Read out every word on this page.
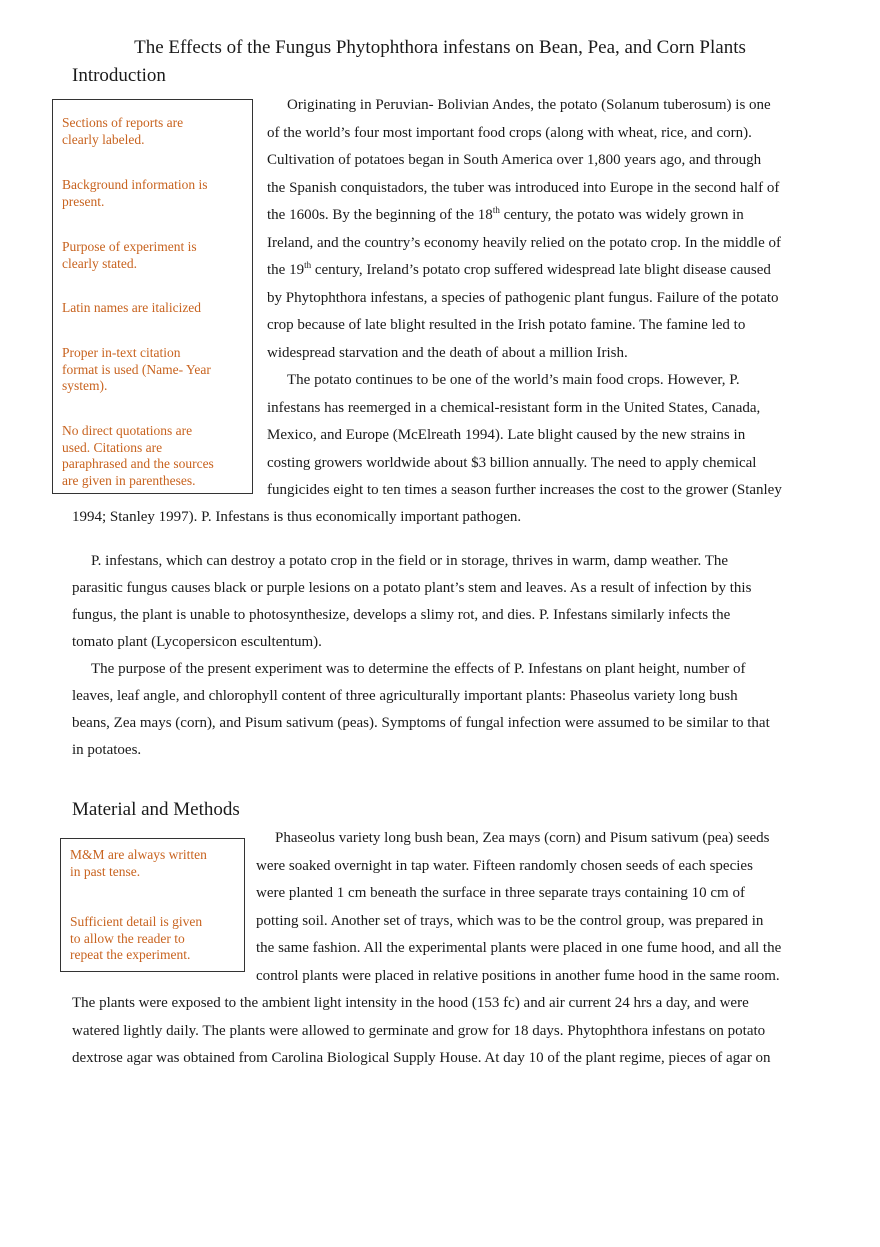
The Effects of the Fungus Phytophthora infestans on Bean, Pea, and Corn Plants
Introduction
Sections of reports are
clearly labeled.
Background information is
present.
Purpose of experiment is
clearly stated.
Latin names are italicized
Proper in-text citation
format is used (Name- Year
system).
No direct quotations are
used. Citations are
paraphrased and the sources
are given in parentheses.
Originating in Peruvian- Bolivian Andes, the potato (Solanum tuberosum) is one
of the world’s four most important food crops (along with wheat, rice, and corn).
Cultivation of potatoes began in South America over 1,800 years ago, and through
the Spanish conquistadors, the tuber was introduced into Europe in the second half of
the 1600s. By the beginning of the 18th century, the potato was widely grown in
Ireland, and the country’s economy heavily relied on the potato crop. In the middle of
the 19th century, Ireland’s potato crop suffered widespread late blight disease caused
by Phytophthora infestans, a species of pathogenic plant fungus. Failure of the potato
crop because of late blight resulted in the Irish potato famine. The famine led to
widespread starvation and the death of about a million Irish.
The potato continues to be one of the world’s main food crops. However, P.
infestans has reemerged in a chemical-resistant form in the United States, Canada,
Mexico, and Europe (McElreath 1994). Late blight caused by the new strains in
costing growers worldwide about $3 billion annually. The need to apply chemical
fungicides eight to ten times a season further increases the cost to the grower (Stanley
1994; Stanley 1997). P. Infestans is thus economically important pathogen.
P. infestans, which can destroy a potato crop in the field or in storage, thrives in warm, damp weather. The
parasitic fungus causes black or purple lesions on a potato plant’s stem and leaves. As a result of infection by this
fungus, the plant is unable to photosynthesize, develops a slimy rot, and dies. P. Infestans similarly infects the
tomato plant (Lycopersicon escultentum).
The purpose of the present experiment was to determine the effects of P. Infestans on plant height, number of
leaves, leaf angle, and chlorophyll content of three agriculturally important plants: Phaseolus variety long bush
beans, Zea mays (corn), and Pisum sativum (peas). Symptoms of fungal infection were assumed to be similar to that
in potatoes.
Material and Methods
M&M are always written
in past tense.
Sufficient detail is given
to allow the reader to
repeat the experiment.
Phaseolus variety long bush bean, Zea mays (corn) and Pisum sativum (pea) seeds
were soaked overnight in tap water. Fifteen randomly chosen seeds of each species
were planted 1 cm beneath the surface in three separate trays containing 10 cm of
potting soil. Another set of trays, which was to be the control group, was prepared in
the same fashion. All the experimental plants were placed in one fume hood, and all the
control plants were placed in relative positions in another fume hood in the same room.
The plants were exposed to the ambient light intensity in the hood (153 fc) and air current 24 hrs a day, and were
watered lightly daily. The plants were allowed to germinate and grow for 18 days. Phytophthora infestans on potato
dextrose agar was obtained from Carolina Biological Supply House. At day 10 of the plant regime, pieces of agar on
